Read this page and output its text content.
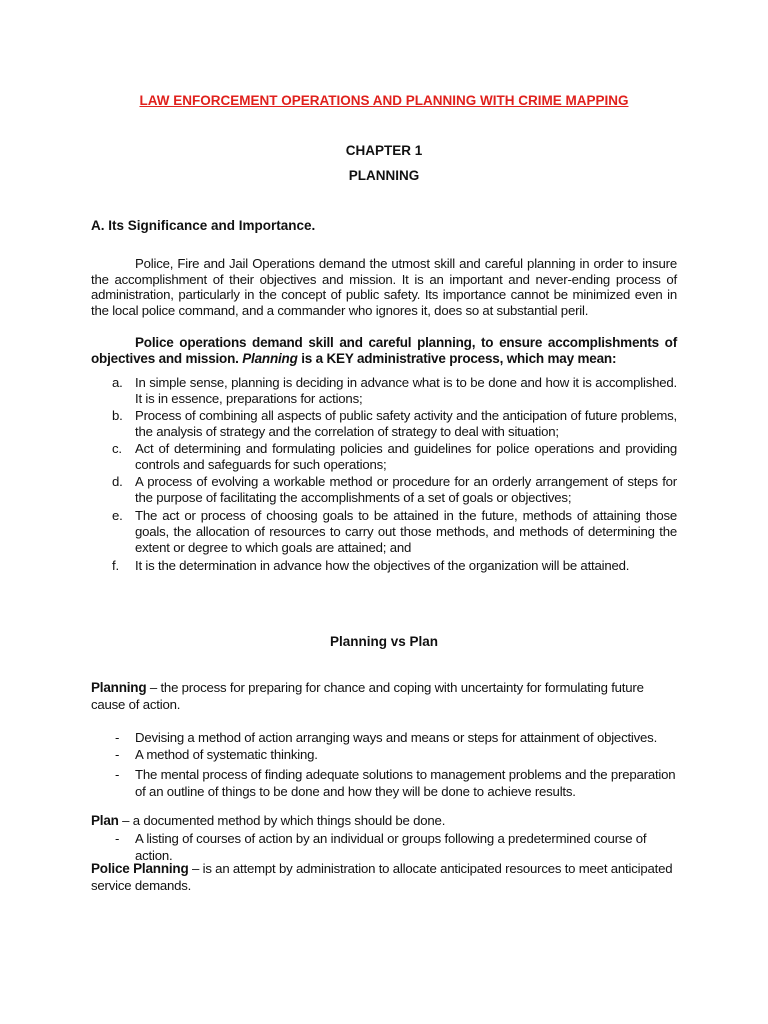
LAW ENFORCEMENT OPERATIONS AND PLANNING WITH CRIME MAPPING
CHAPTER 1
PLANNING
A. Its Significance and Importance.
Police, Fire and Jail Operations demand the utmost skill and careful planning in order to insure the accomplishment of their objectives and mission. It is an important and never-ending process of administration, particularly in the concept of public safety. Its importance cannot be minimized even in the local police command, and a commander who ignores it, does so at substantial peril.
Police operations demand skill and careful planning, to ensure accomplishments of objectives and mission. Planning is a KEY administrative process, which may mean:
a. In simple sense, planning is deciding in advance what is to be done and how it is accomplished. It is in essence, preparations for actions;
b. Process of combining all aspects of public safety activity and the anticipation of future problems, the analysis of strategy and the correlation of strategy to deal with situation;
c. Act of determining and formulating policies and guidelines for police operations and providing controls and safeguards for such operations;
d. A process of evolving a workable method or procedure for an orderly arrangement of steps for the purpose of facilitating the accomplishments of a set of goals or objectives;
e. The act or process of choosing goals to be attained in the future, methods of attaining those goals, the allocation of resources to carry out those methods, and methods of determining the extent or degree to which goals are attained; and
f.	It is the determination in advance how the objectives of the organization will be attained.
Planning vs Plan
Planning – the process for preparing for chance and coping with uncertainty for formulating future cause of action.
- Devising a method of action arranging ways and means or steps for attainment of objectives.
- A method of systematic thinking.
- The mental process of finding adequate solutions to management problems and the preparation of an outline of things to be done and how they will be done to achieve results.
Plan – a documented method by which things should be done.
- A listing of courses of action by an individual or groups following a predetermined course of action.
Police Planning – is an attempt by administration to allocate anticipated resources to meet anticipated service demands.
